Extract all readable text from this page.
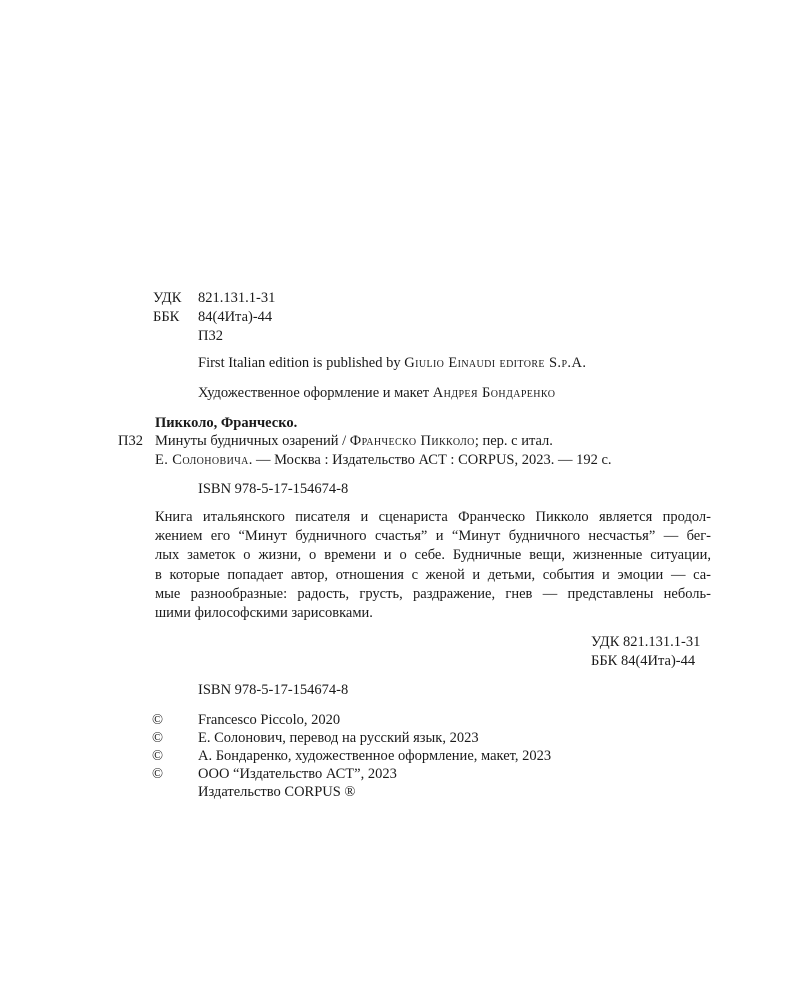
УДК 821.131.1-31
ББК 84(4Ита)-44
П32
First Italian edition is published by Giulio Einaudi editore S.p.A.
Художественное оформление и макет Андрея Бондаренко
Пикколо, Франческо.
П32 Минуты будничных озарений / Франческо Пикколо; пер. с итал.
Е. Солоновича. — Москва : Издательство АСТ : CORPUS, 2023. — 192 с.
ISBN 978-5-17-154674-8
Книга итальянского писателя и сценариста Франческо Пикколо является продол-
жением его “Минут будничного счастья” и “Минут будничного несчастья” — бег-
лых заметок о жизни, о времени и о себе. Будничные вещи, жизненные ситуации,
в которые попадает автор, отношения с женой и детьми, события и эмоции — са-
мые разнообразные: радость, грусть, раздражение, гнев — представлены неболь-
шими философскими зарисовками.
УДК 821.131.1-31
ББК 84(4Ита)-44
ISBN 978-5-17-154674-8
© Francesco Piccolo, 2020
© Е. Солонович, перевод на русский язык, 2023
© А. Бондаренко, художественное оформление, макет, 2023
© ООО “Издательство АСТ”, 2023
Издательство CORPUS ®
